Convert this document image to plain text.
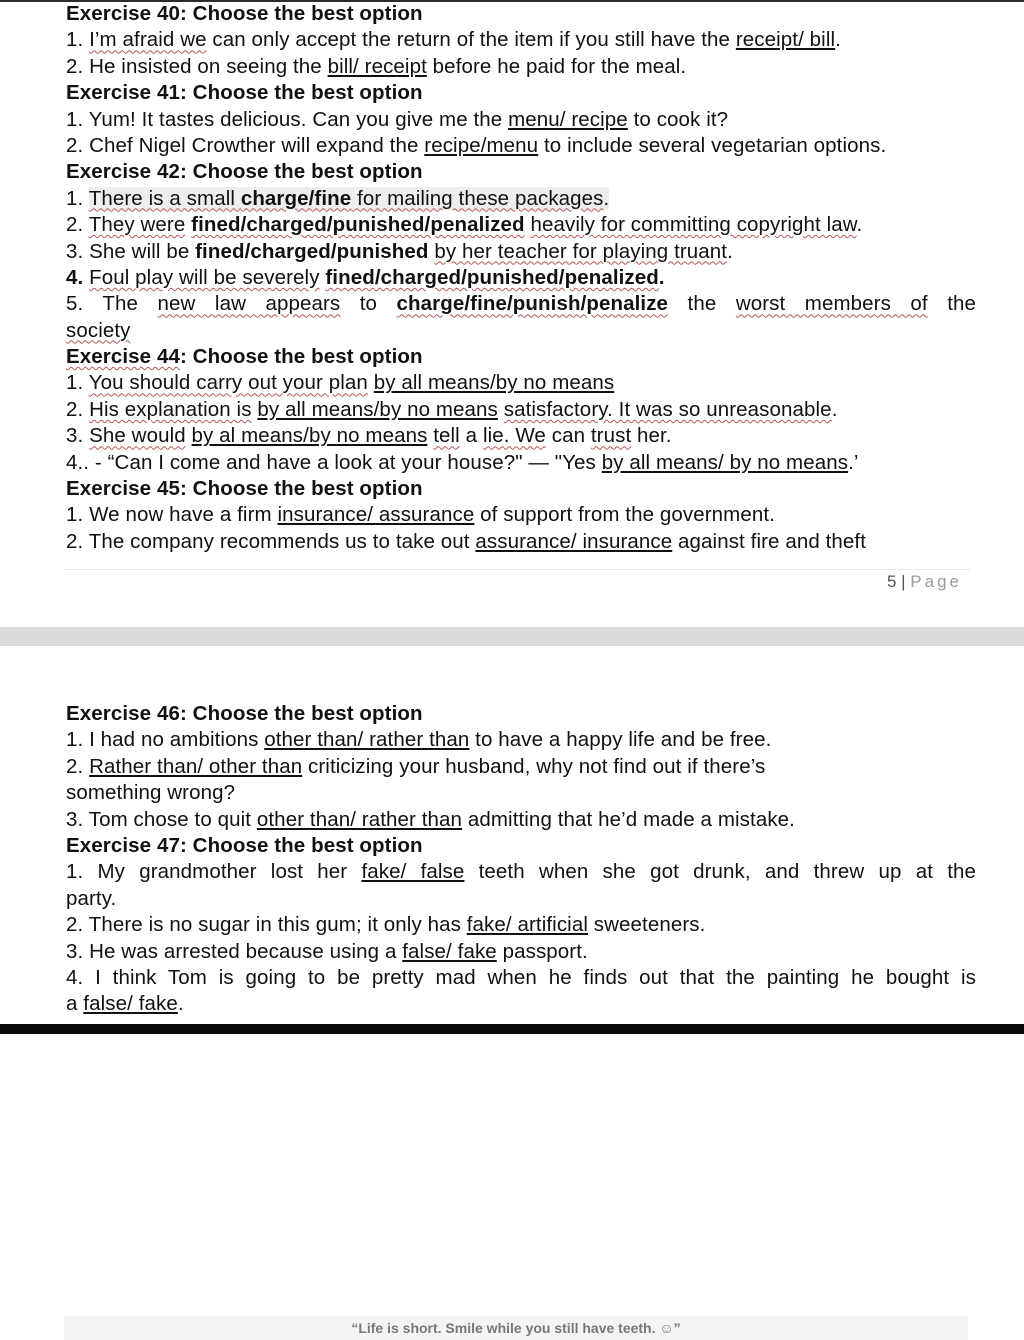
Exercise 40: Choose the best option
1. I’m afraid we can only accept the return of the item if you still have the receipt/ bill.
2. He insisted on seeing the bill/ receipt before he paid for the meal.
Exercise 41: Choose the best option
1. Yum! It tastes delicious. Can you give me the menu/ recipe to cook it?
2. Chef Nigel Crowther will expand the recipe/menu to include several vegetarian options.
Exercise 42: Choose the best option
1. There is a small charge/fine for mailing these packages.
2. They were fined/charged/punished/penalized heavily for committing copyright law.
3. She will be fined/charged/punished by her teacher for playing truant.
4. Foul play will be severely fined/charged/punished/penalized.
5. The new law appears to charge/fine/punish/penalize the worst members of the
society
Exercise 44: Choose the best option
1. You should carry out your plan by all means/by no means
2. His explanation is by all means/by no means satisfactory. It was so unreasonable.
3. She would by al means/by no means tell a lie. We can trust her.
4.. - “Can I come and have a look at your house?" — "Yes by all means/ by no means.’
Exercise 45: Choose the best option
1. We now have a firm insurance/ assurance of support from the government.
2. The company recommends us to take out assurance/ insurance against fire and theft
5 | Page
“Life is short. Smile while you still have teeth. ☺”
Exercise 46: Choose the best option
1. I had no ambitions other than/ rather than to have a happy life and be free.
2. Rather than/ other than criticizing your husband, why not find out if there’s
something wrong?
3. Tom chose to quit other than/ rather than admitting that he’d made a mistake.
Exercise 47: Choose the best option
1. My grandmother lost her fake/ false teeth when she got drunk, and threw up at the
party.
2. There is no sugar in this gum; it only has fake/ artificial sweeteners.
3. He was arrested because using a false/ fake passport.
4. I think Tom is going to be pretty mad when he finds out that the painting he bought is
a false/ fake.
